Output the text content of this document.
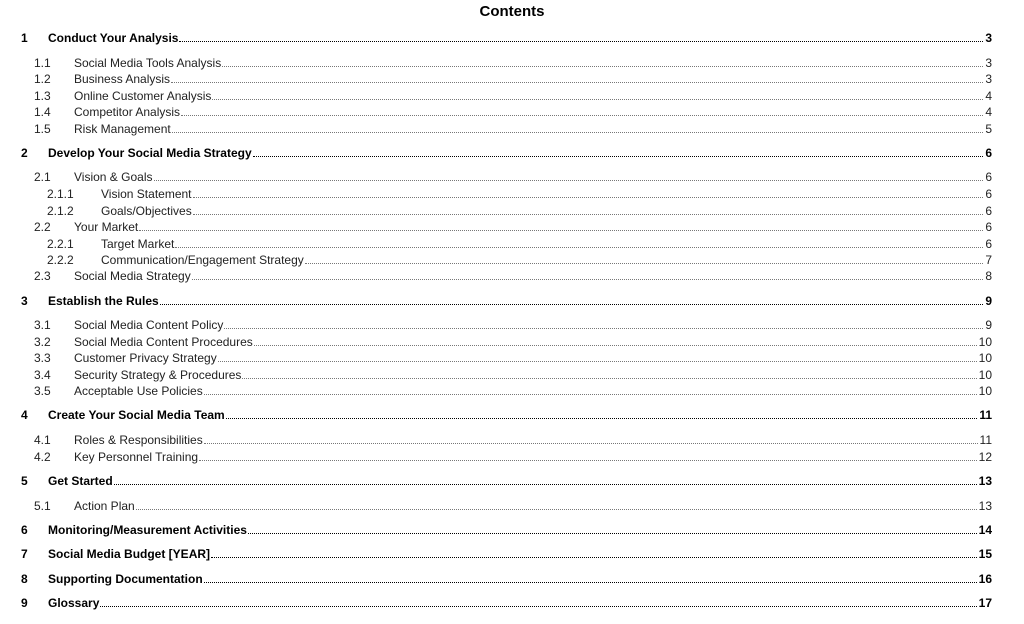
Contents
1 Conduct Your Analysis	3
1.1 Social Media Tools Analysis	3
1.2 Business Analysis	3
1.3 Online Customer Analysis	4
1.4 Competitor Analysis	4
1.5 Risk Management	5
2 Develop Your Social Media Strategy	6
2.1 Vision & Goals	6
2.1.1 Vision Statement	6
2.1.2 Goals/Objectives	6
2.2 Your Market	6
2.2.1 Target Market	6
2.2.2 Communication/Engagement Strategy	7
2.3 Social Media Strategy	8
3 Establish the Rules	9
3.1 Social Media Content Policy	9
3.2 Social Media Content Procedures	10
3.3 Customer Privacy Strategy	10
3.4 Security Strategy & Procedures	10
3.5 Acceptable Use Policies	10
4 Create Your Social Media Team	11
4.1 Roles & Responsibilities	11
4.2 Key Personnel Training	12
5 Get Started	13
5.1 Action Plan	13
6 Monitoring/Measurement Activities	14
7 Social Media Budget [YEAR]	15
8 Supporting Documentation	16
9 Glossary	17
